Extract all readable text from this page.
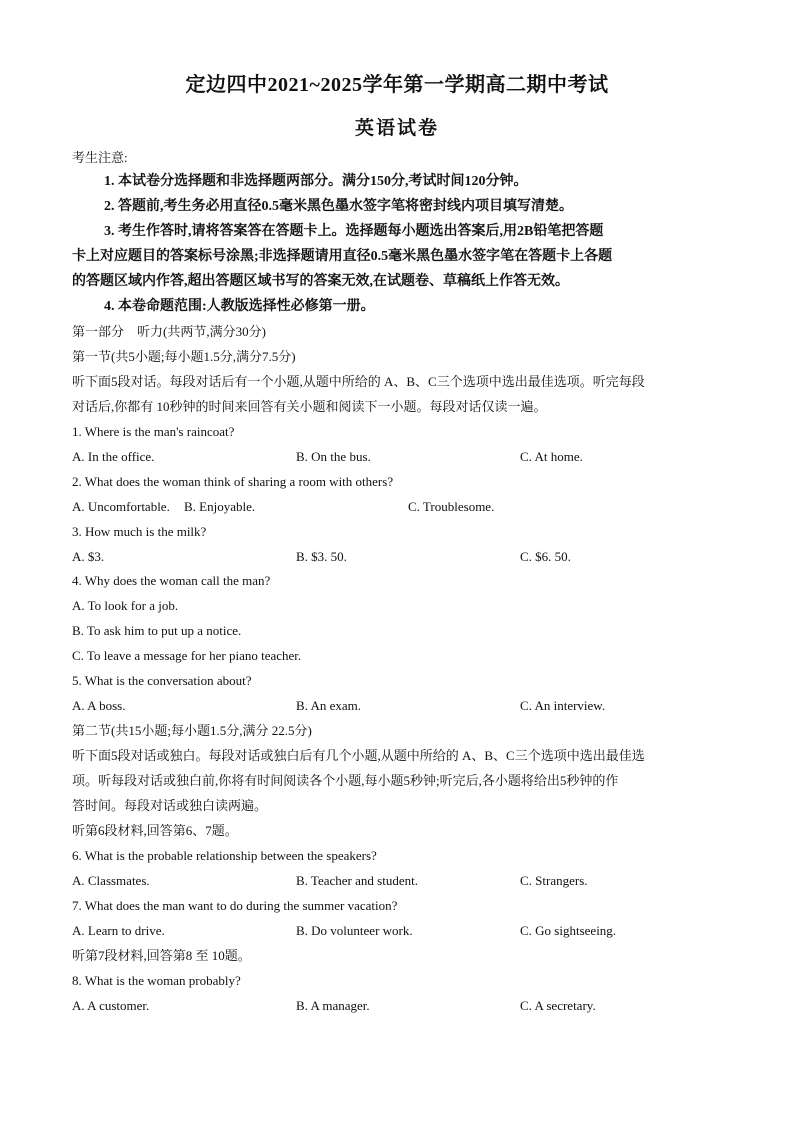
定边四中2021~2025学年第一学期高二期中考试
英语试卷
考生注意:
1. 本试卷分选择题和非选择题两部分。满分150分,考试时间120分钟。
2. 答题前,考生务必用直径0.5毫米黑色墨水签字笔将密封线内项目填写清楚。
3. 考生作答时,请将答案答在答题卡上。选择题每小题选出答案后,用2B铅笔把答题
卡上对应题目的答案标号涂黑;非选择题请用直径0.5毫米黑色墨水签字笔在答题卡上各题
的答题区域内作答,超出答题区域书写的答案无效,在试题卷、草稿纸上作答无效。
4. 本卷命题范围:人教版选择性必修第一册。
第一部分　听力(共两节,满分30分)
第一节(共5小题;每小题1.5分,满分7.5分)
听下面5段对话。每段对话后有一个小题,从题中所给的 A、B、C三个选项中选出最佳选项。听完每段
对话后,你都有 10秒钟的时间来回答有关小题和阅读下一小题。每段对话仅读一遍。
1. Where is the man's raincoat?
A. In the office.	B. On the bus.	C. At home.
2. What does the woman think of sharing a room with others?
A. Uncomfortable. B. Enjoyable.	C. Troublesome.
3. How much is the milk?
A. $3.	B. $3. 50.	C. $6. 50.
4. Why does the woman call the man?
A. To look for a job.
B. To ask him to put up a notice.
C. To leave a message for her piano teacher.
5. What is the conversation about?
A. A boss.	B. An exam.	C. An interview.
第二节(共15小题;每小题1.5分,满分 22.5分)
听下面5段对话或独白。每段对话或独白后有几个小题,从题中所给的 A、B、C三个选项中选出最佳选
项。听每段对话或独白前,你将有时间阅读各个小题,每小题5秒钟;听完后,各小题将给出5秒钟的作
答时间。每段对话或独白读两遍。
听第6段材料,回答第6、7题。
6. What is the probable relationship between the speakers?
A. Classmates.	B. Teacher and student.	C. Strangers.
7. What does the man want to do during the summer vacation?
A. Learn to drive.	B. Do volunteer work.	C. Go sightseeing.
听第7段材料,回答第8 至 10题。
8. What is the woman probably?
A. A customer.	B. A manager.	C. A secretary.
